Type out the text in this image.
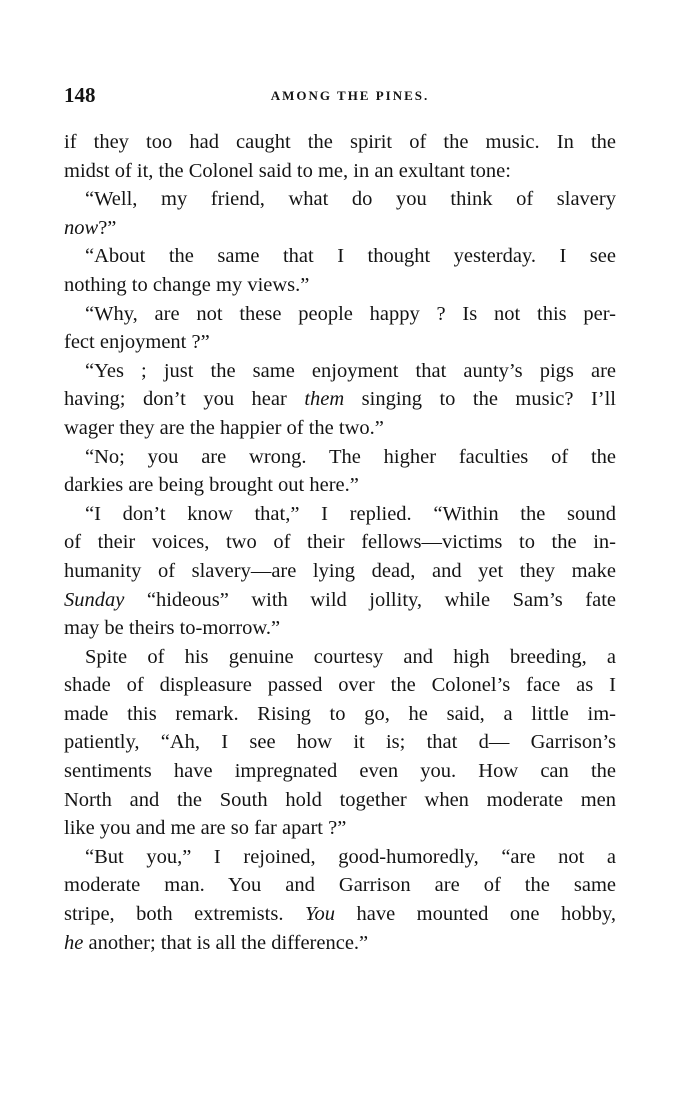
148	AMONG THE PINES.
if they too had caught the spirit of the music. In the
midst of it, the Colonel said to me, in an exultant tone:
“Well, my friend, what do you think of slavery
now?”
“About the same that I thought yesterday. I see
nothing to change my views.”
“Why, are not these people happy ? Is not this per-
fect enjoyment ?”
“Yes ; just the same enjoyment that aunty’s pigs are
having; don’t you hear them singing to the music? I’ll
wager they are the happier of the two.”
“No; you are wrong. The higher faculties of the
darkies are being brought out here.”
“I don’t know that,” I replied. “Within the sound
of their voices, two of their fellows—victims to the in-
humanity of slavery—are lying dead, and yet they make
Sunday “hideous” with wild jollity, while Sam’s fate
may be theirs to-morrow.”
Spite of his genuine courtesy and high breeding, a
shade of displeasure passed over the Colonel’s face as I
made this remark. Rising to go, he said, a little im-
patiently, “Ah, I see how it is; that d— Garrison’s
sentiments have impregnated even you. How can the
North and the South hold together when moderate men
like you and me are so far apart ?”
“But you,” I rejoined, good-humoredly, “are not a
moderate man. You and Garrison are of the same
stripe, both extremists. You have mounted one hobby,
he another; that is all the difference.”
